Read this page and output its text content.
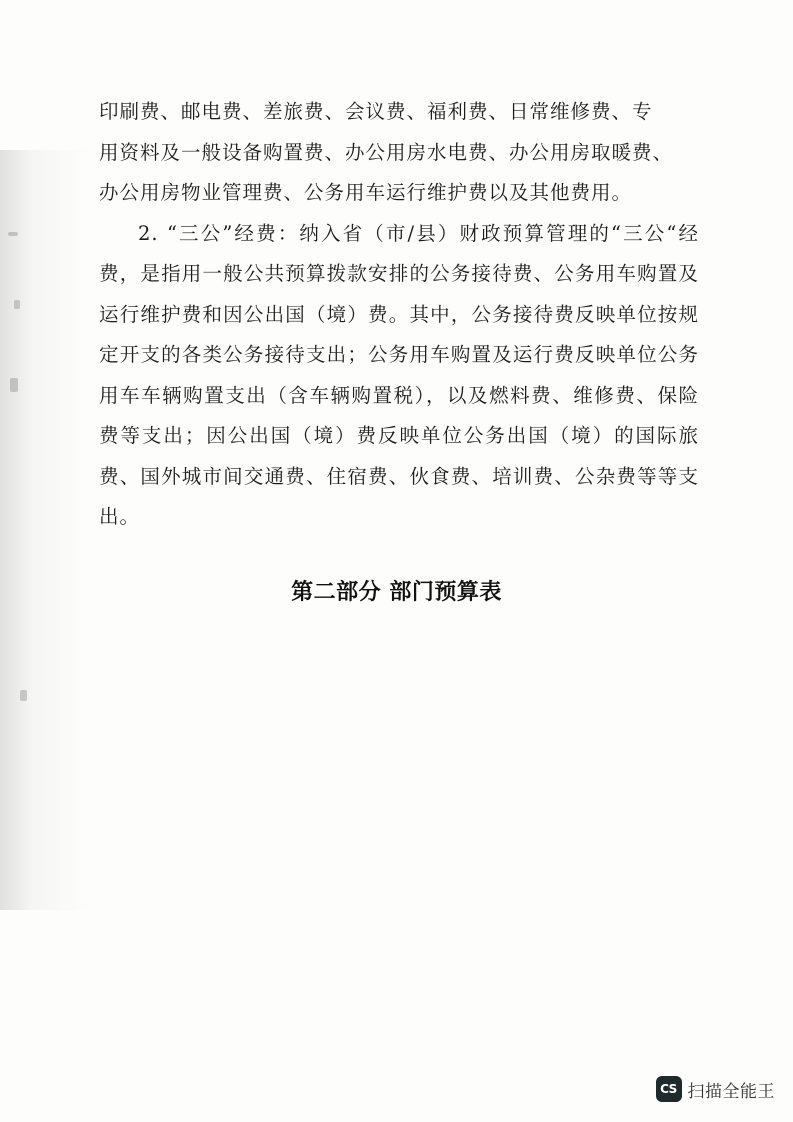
印刷费、邮电费、差旅费、会议费、福利费、日常维修费、专

用资料及一般设备购置费、办公用房水电费、办公用房取暖费、

办公用房物业管理费、公务用车运行维护费以及其他费用。

2. “三公”经费：纳入省（市/县）财政预算管理的“三公“经费，是指用一般公共预算拨款安排的公务接待费、公务用车购置及运行维护费和因公出国（境）费。其中，公务接待费反映单位按规定开支的各类公务接待支出；公务用车购置及运行费反映单位公务用车车辆购置支出（含车辆购置税），以及燃料费、维修费、保险费等支出；因公出国（境）费反映单位公务出国（境）的国际旅费、国外城市间交通费、住宿费、伙食费、培训费、公杂费等等支出。

第二部分 部门预算表
CS 扫描全能王
